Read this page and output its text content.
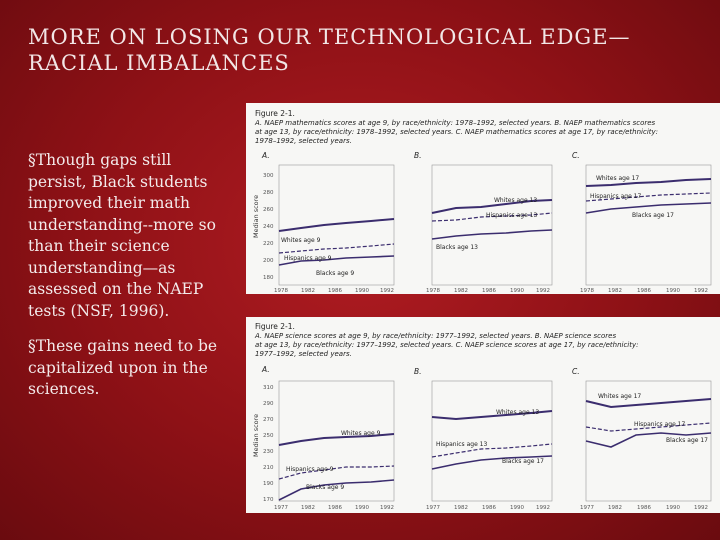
MORE ON LOSING OUR TECHNOLOGICAL EDGE—RACIAL IMBALANCES
§Though gaps still persist, Black students improved their math understanding--more so than their science understanding—as assessed on the NAEP tests (NSF, 1996).
§These gains need to be capitalized upon in the sciences.
Figure 2-1.
A. NAEP mathematics scores at age 9, by race/ethnicity: 1978–1992, selected years. B. NAEP mathematics scores
at age 13, by race/ethnicity: 1978–1992, selected years. C. NAEP mathematics scores at age 17, by race/ethnicity:
1978–1992, selected years.
A.
Median score
300
280
260
240
220
200
180
Whites age 9
Hispanics age 9
Blacks age 9
1978 1982 1986 1990 1992
B.
Whites age 13
Hispanics age 13
Blacks age 13
1978	1982	1986	1990 1992
C.
Whites age 17
Hispanics age 17
Blacks age 17
1978	1982	1986	1990	1992
Figure 2-1.
A. NAEP science scores at age 9, by race/ethnicity: 1977–1992, selected years. B. NAEP science scores
at age 13, by race/ethnicity: 1977–1992, selected years. C. NAEP science scores at age 17, by race/ethnicity:
1977–1992, selected years.
A.
Median score
310
290
270
250
230
210
190
170
Whites age 9
Hispanics age 9
Blacks age 9
1977 1982 1986 1990 1992
B.
Whites age 13
Hispanics age 13
Blacks age 17
1977	1982	1986	1990 1992
C.
Whites age 17
Hispanics age 17
Blacks age 17
1977	1982	1986	1990	1992
